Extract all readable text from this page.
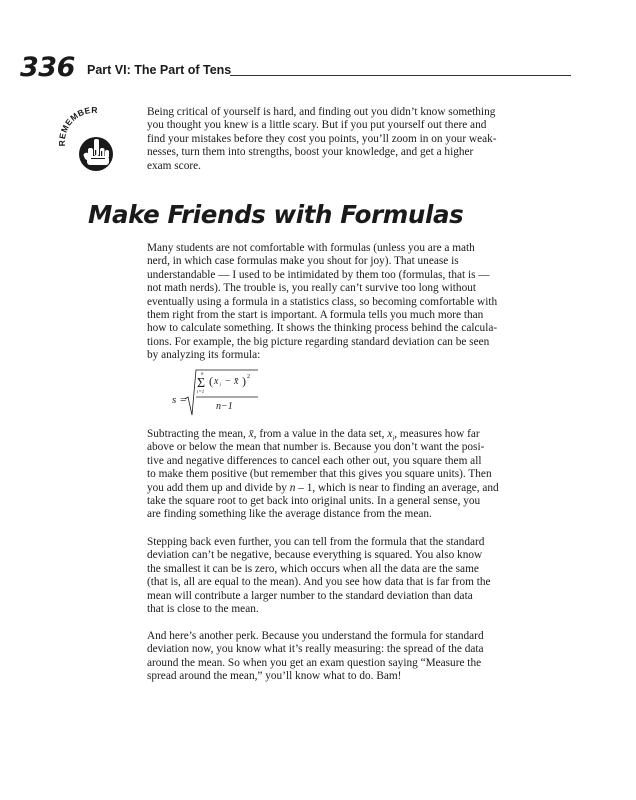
336 Part VI: The Part of Tens
REMEMBER	Being critical of yourself is hard, and finding out you didn’t know something
you thought you knew is a little scary. But if you put yourself out there and
find your mistakes before they cost you points, you’ll zoom in on your weak-
nesses, turn them into strengths, boost your knowledge, and get a higher
exam score.
Make Friends with Formulas
Many students are not comfortable with formulas (unless you are a math
nerd, in which case formulas make you shout for joy). That unease is
understandable — I used to be intimidated by them too (formulas, that is —
not math nerds). The trouble is, you really can’t survive too long without
eventually using a formula in a statistics class, so becoming comfortable with
them right from the start is important. A formula tells you much more than
how to calculate something. It shows the thinking process behind the calcula-
tions. For example, the big picture regarding standard deviation can be seen
by analyzing its formula:
s =
n
Σ
i=1
( x i − x̄ ) 2
n−1
Subtracting the mean, x̄, from a value in the data set, $x_i$, measures how far
above or below the mean that number is. Because you don’t want the posi-
tive and negative differences to cancel each other out, you square them all
to make them positive (but remember that this gives you square units). Then
you add them up and divide by n – 1, which is near to finding an average, and
take the square root to get back into original units. In a general sense, you
are finding something like the average distance from the mean.
Stepping back even further, you can tell from the formula that the standard
deviation can’t be negative, because everything is squared. You also know
the smallest it can be is zero, which occurs when all the data are the same
(that is, all are equal to the mean). And you see how data that is far from the
mean will contribute a larger number to the standard deviation than data
that is close to the mean.
And here’s another perk. Because you understand the formula for standard
deviation now, you know what it’s really measuring: the spread of the data
around the mean. So when you get an exam question saying “Measure the
spread around the mean,” you’ll know what to do. Bam!
